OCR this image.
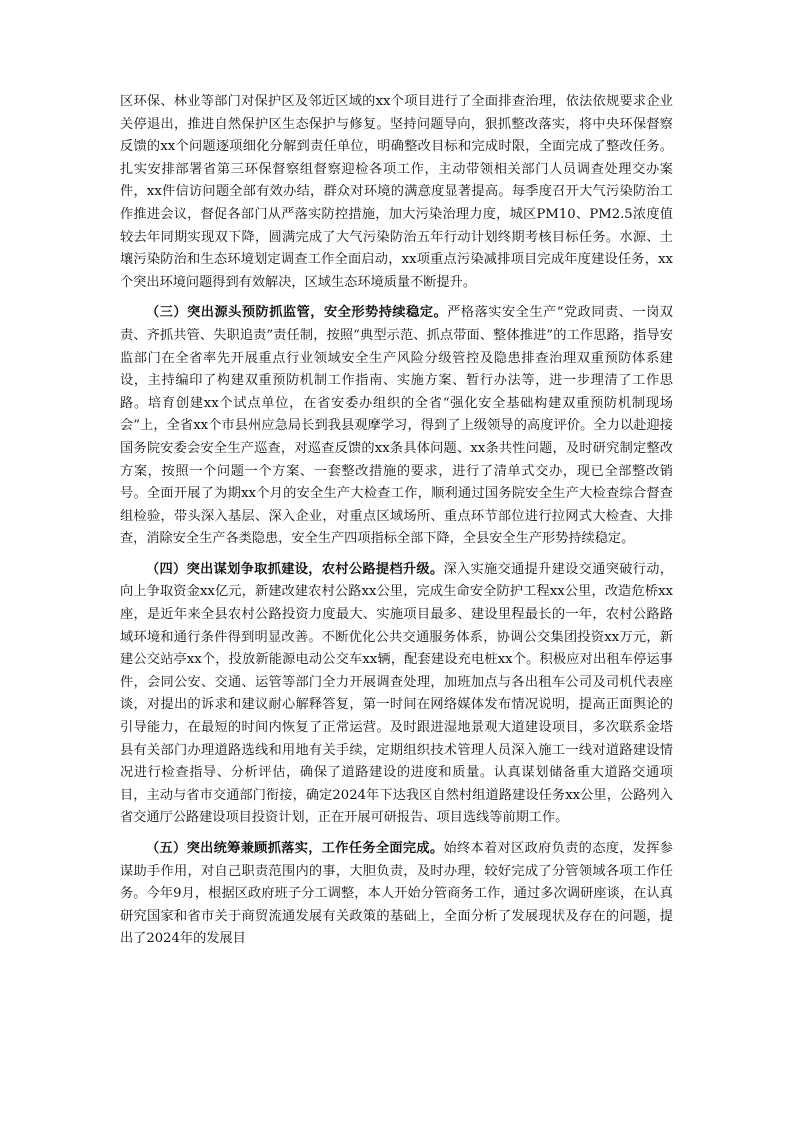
区环保、林业等部门对保护区及邻近区域的xx个项目进行了全面排查治理，依法依规要求企业关停退出，推进自然保护区生态保护与修复。坚持问题导向，狠抓整改落实，将中央环保督察反馈的xx个问题逐项细化分解到责任单位，明确整改目标和完成时限，全面完成了整改任务。扎实安排部署省第三环保督察组督察迎检各项工作，主动带领相关部门人员调查处理交办案件，xx件信访问题全部有效办结，群众对环境的满意度显著提高。每季度召开大气污染防治工作推进会议，督促各部门从严落实防控措施，加大污染治理力度，城区PM10、PM2.5浓度值较去年同期实现双下降，圆满完成了大气污染防治五年行动计划终期考核目标任务。水源、土壤污染防治和生态环境划定调查工作全面启动，xx项重点污染减排项目完成年度建设任务，xx个突出环境问题得到有效解决，区域生态环境质量不断提升。

（三）突出源头预防抓监管，安全形势持续稳定。严格落实安全生产“党政同责、一岗双责、齐抓共管、失职追责”责任制，按照“典型示范、抓点带面、整体推进”的工作思路，指导安监部门在全省率先开展重点行业领域安全生产风险分级管控及隐患排查治理双重预防体系建设，主持编印了构建双重预防机制工作指南、实施方案、暂行办法等，进一步理清了工作思路。培育创建xx个试点单位，在省安委办组织的全省“强化安全基础构建双重预防机制现场会”上，全省xx个市县州应急局长到我县观摩学习，得到了上级领导的高度评价。全力以赴迎接国务院安委会安全生产巡查，对巡查反馈的xx条具体问题、xx条共性问题，及时研究制定整改方案，按照一个问题一个方案、一套整改措施的要求，进行了清单式交办，现已全部整改销号。全面开展了为期xx个月的安全生产大检查工作，顺利通过国务院安全生产大检查综合督查组检验，带头深入基层、深入企业，对重点区域场所、重点环节部位进行拉网式大检查、大排查，消除安全生产各类隐患，安全生产四项指标全部下降，全县安全生产形势持续稳定。

（四）突出谋划争取抓建设，农村公路提档升级。深入实施交通提升建设交通突破行动，向上争取资金xx亿元，新建改建农村公路xx公里，完成生命安全防护工程xx公里，改造危桥xx座，是近年来全县农村公路投资力度最大、实施项目最多、建设里程最长的一年，农村公路路域环境和通行条件得到明显改善。不断优化公共交通服务体系，协调公交集团投资xx万元，新建公交站亭xx个，投放新能源电动公交车xx辆，配套建设充电桩xx个。积极应对出租车停运事件，会同公安、交通、运管等部门全力开展调查处理，加班加点与各出租车公司及司机代表座谈，对提出的诉求和建议耐心解释答复，第一时间在网络媒体发布情况说明，提高正面舆论的引导能力，在最短的时间内恢复了正常运营。及时跟进湿地景观大道建设项目，多次联系金塔县有关部门办理道路选线和用地有关手续，定期组织技术管理人员深入施工一线对道路建设情况进行检查指导、分析评估，确保了道路建设的进度和质量。认真谋划储备重大道路交通项目，主动与省市交通部门衔接，确定2024年下达我区自然村组道路建设任务xx公里，公路列入省交通厅公路建设项目投资计划，正在开展可研报告、项目选线等前期工作。

（五）突出统筹兼顾抓落实，工作任务全面完成。始终本着对区政府负责的态度，发挥参谋助手作用，对自己职责范围内的事，大胆负责，及时办理，较好完成了分管领域各项工作任务。今年9月，根据区政府班子分工调整，本人开始分管商务工作，通过多次调研座谈，在认真研究国家和省市关于商贸流通发展有关政策的基础上，全面分析了发展现状及存在的问题，提出了2024年的发展目
